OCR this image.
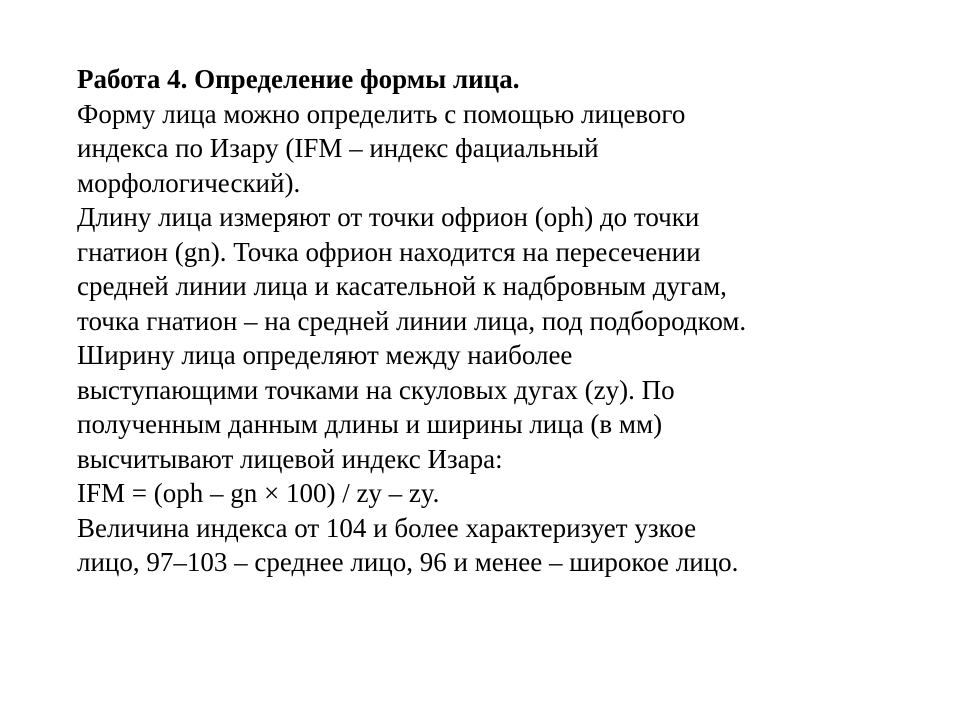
Работа 4. Определение формы лица.
Форму лица можно определить с помощью лицевого
индекса по Изару (IFM – индекс фациальный
морфологический).
Длину лица измеряют от точки офрион (oph) до точки
гнатион (gn). Точка офрион находится на пересечении
средней линии лица и касательной к надбровным дугам,
точка гнатион – на средней линии лица, под подбородком.
Ширину лица определяют между наиболее
выступающими точками на скуловых дугах (zy). По
полученным данным длины и ширины лица (в мм)
высчитывают лицевой индекс Изара:
IFM = (oph – gn × 100) / zy – zy.
Величина индекса от 104 и более характеризует узкое
лицо, 97–103 – среднее лицо, 96 и менее – широкое лицо.
